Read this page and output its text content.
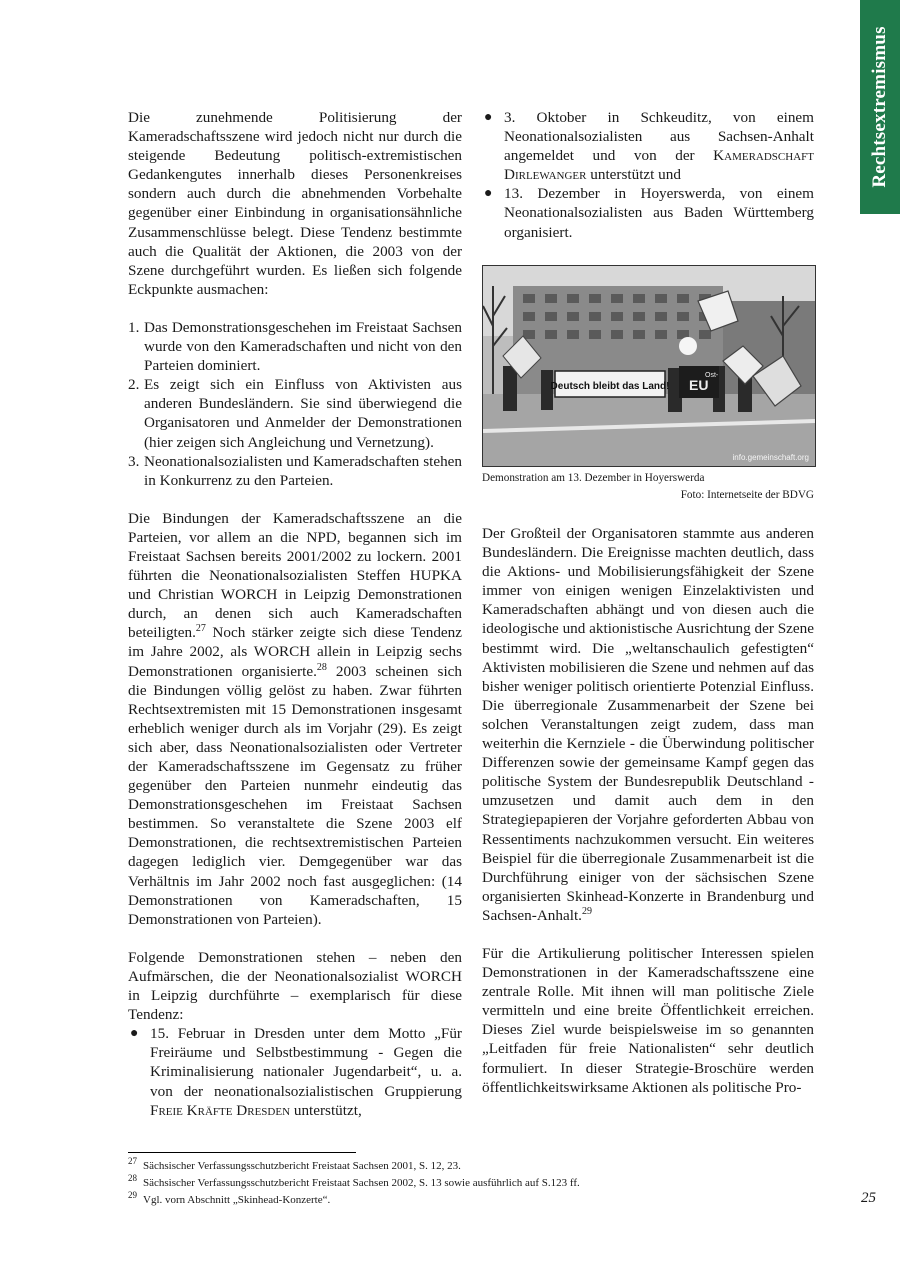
Rechtsextremismus

Die zunehmende Politisierung der Kameradschaftsszene wird jedoch nicht nur durch die steigende Bedeutung politisch-extremistischen Gedankengutes innerhalb dieses Personenkreises sondern auch durch die abnehmenden Vorbehalte gegenüber einer Einbindung in organisationsähnliche Zusammenschlüsse belegt. Diese Tendenz bestimmte auch die Qualität der Aktionen, die 2003 von der Szene durchgeführt wurden. Es ließen sich folgende Eckpunkte ausmachen:

1. Das Demonstrationsgeschehen im Freistaat Sachsen wurde von den Kameradschaften und nicht von den Parteien dominiert.
2. Es zeigt sich ein Einfluss von Aktivisten aus anderen Bundesländern. Sie sind überwiegend die Organisatoren und Anmelder der Demonstrationen (hier zeigen sich Angleichung und Vernetzung).
3. Neonationalsozialisten und Kameradschaften stehen in Konkurrenz zu den Parteien.

Die Bindungen der Kameradschaftsszene an die Parteien, vor allem an die NPD, begannen sich im Freistaat Sachsen bereits 2001/2002 zu lockern. 2001 führten die Neonationalsozialisten Steffen HUPKA und Christian WORCH in Leipzig Demonstrationen durch, an denen sich auch Kameradschaften beteiligten.$^{27}$ Noch stärker zeigte sich diese Tendenz im Jahre 2002, als WORCH allein in Leipzig sechs Demonstrationen organisierte.$^{28}$ 2003 scheinen sich die Bindungen völlig gelöst zu haben. Zwar führten Rechtsextremisten mit 15 Demonstrationen insgesamt erheblich weniger durch als im Vorjahr (29). Es zeigt sich aber, dass Neonationalsozialisten oder Vertreter der Kameradschaftsszene im Gegensatz zu früher gegenüber den Parteien nunmehr eindeutig das Demonstrationsgeschehen im Freistaat Sachsen bestimmen. So veranstaltete die Szene 2003 elf Demonstrationen, die rechtsextremistischen Parteien dagegen lediglich vier. Demgegenüber war das Verhältnis im Jahr 2002 noch fast ausgeglichen: (14 Demonstrationen von Kameradschaften, 15 Demonstrationen von Parteien).

Folgende Demonstrationen stehen – neben den Aufmärschen, die der Neonationalsozialist WORCH in Leipzig durchführte – exemplarisch für diese Tendenz:

● 15. Februar in Dresden unter dem Motto „Für Freiräume und Selbstbestimmung - Gegen die Kriminalisierung nationaler Jugendarbeit“, u. a. von der neonationalsozialistischen Gruppierung Freie Kräfte Dresden unterstützt,
● 3. Oktober in Schkeuditz, von einem Neonationalsozialisten aus Sachsen-Anhalt angemeldet und von der Kameradschaft Dirlewanger unterstützt und
● 13. Dezember in Hoyerswerda, von einem Neonationalsozialisten aus Baden Württemberg organisiert.
Deutsch bleibt das Land! EU
Ost-
info.gemeinschaft.org
Demonstration am 13. Dezember in Hoyerswerda
Foto: Internetseite der BDVG

Der Großteil der Organisatoren stammte aus anderen Bundesländern. Die Ereignisse machten deutlich, dass die Aktions- und Mobilisierungsfähigkeit der Szene immer von einigen wenigen Einzelaktivisten und Kameradschaften abhängt und von diesen auch die ideologische und aktionistische Ausrichtung der Szene bestimmt wird. Die „weltanschaulich gefestigten“ Aktivisten mobilisieren die Szene und nehmen auf das bisher weniger politisch orientierte Potenzial Einfluss. Die überregionale Zusammenarbeit der Szene bei solchen Veranstaltungen zeigt zudem, dass man weiterhin die Kernziele - die Überwindung politischer Differenzen sowie der gemeinsame Kampf gegen das politische System der Bundesrepublik Deutschland - umzusetzen und damit auch dem in den Strategiepapieren der Vorjahre geforderten Abbau von Ressentiments nachzukommen versucht. Ein weiteres Beispiel für die überregionale Zusammenarbeit ist die Durchführung einiger von der sächsischen Szene organisierten Skinhead-Konzerte in Brandenburg und Sachsen-Anhalt.$^{29}$

Für die Artikulierung politischer Interessen spielen Demonstrationen in der Kameradschaftsszene eine zentrale Rolle. Mit ihnen will man politische Ziele vermitteln und eine breite Öffentlichkeit erreichen. Dieses Ziel wurde beispielsweise im so genannten „Leitfaden für freie Nationalisten“ sehr deutlich formuliert. In dieser Strategie-Broschüre werden öffentlichkeitswirksame Aktionen als politische Pro-

$^{27}$ Sächsischer Verfassungsschutzbericht Freistaat Sachsen 2001, S. 12, 23.
$^{28}$ Sächsischer Verfassungsschutzbericht Freistaat Sachsen 2002, S. 13 sowie ausführlich auf S.123 ff.
$^{29}$ Vgl. vorn Abschnitt „Skinhead-Konzerte“.	25
